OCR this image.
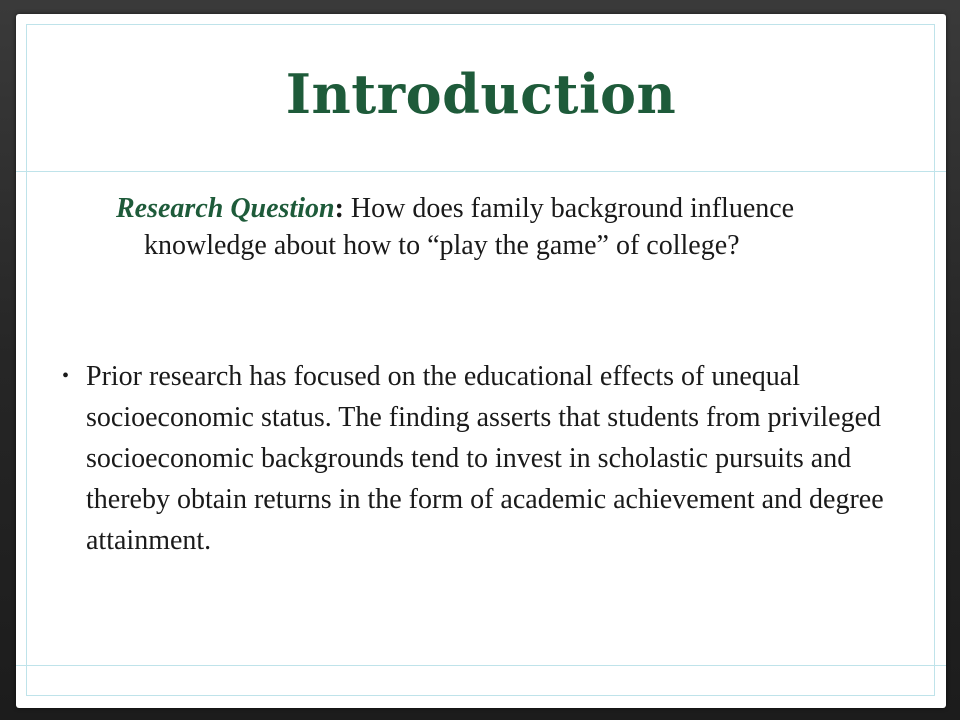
Introduction
Research Question: How does family background influence knowledge about how to “play the game” of college?
• Prior research has focused on the educational effects of unequal socioeconomic status. The finding asserts that students from privileged socioeconomic backgrounds tend to invest in scholastic pursuits and thereby obtain returns in the form of academic achievement and degree attainment.
